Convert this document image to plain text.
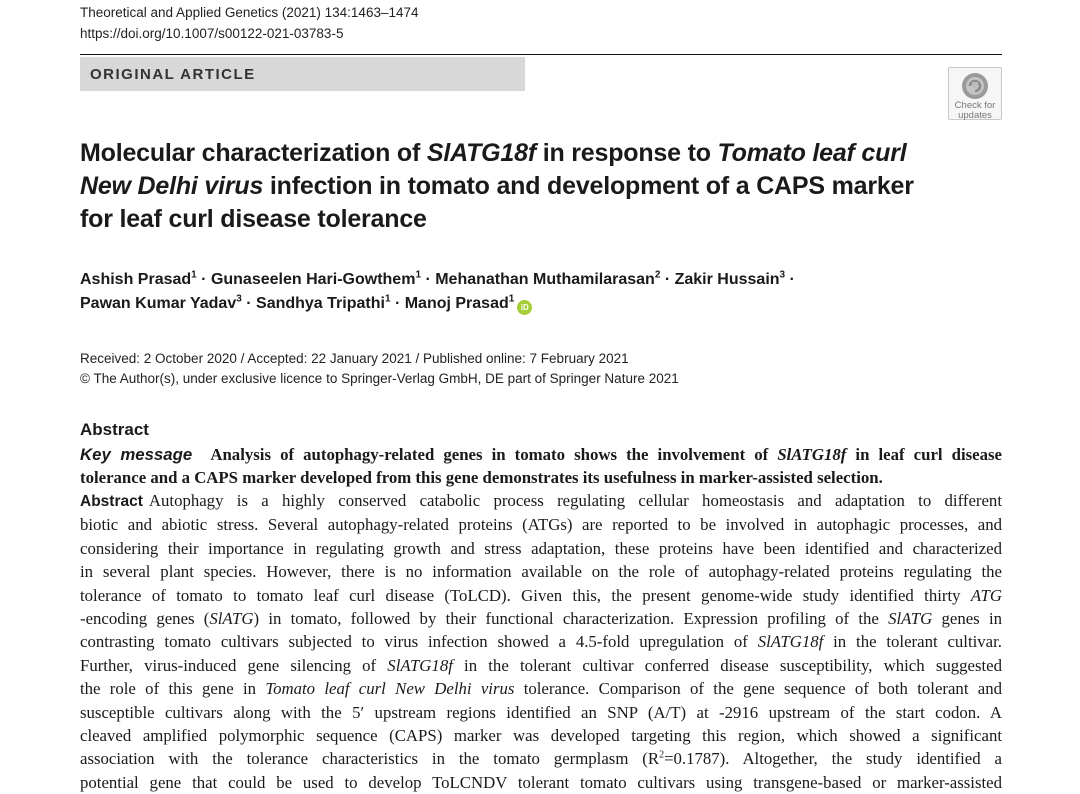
Theoretical and Applied Genetics (2021) 134:1463–1474
https://doi.org/10.1007/s00122-021-03783-5
ORIGINAL ARTICLE
Check for
updates
Molecular characterization of SlATG18f in response to Tomato leaf curl
New Delhi virus infection in tomato and development of a CAPS marker
for leaf curl disease tolerance
Ashish Prasad$^1$ · Gunaseelen Hari-Gowthem$^1$ · Mehanathan Muthamilarasan$^2$ · Zakir Hussain$^3$ ·
Pawan Kumar Yadav$^3$ · Sandhya Tripathi$^1$ · Manoj Prasad$^1$iD
Received: 2 October 2020 / Accepted: 22 January 2021 / Published online: 7 February 2021
© The Author(s), under exclusive licence to Springer-Verlag GmbH, DE part of Springer Nature 2021
Abstract
Key message Analysis of autophagy-related genes in tomato shows the involvement of SlATG18f in leaf curl disease
tolerance and a CAPS marker developed from this gene demonstrates its usefulness in marker-assisted selection.
Abstract Autophagy is a highly conserved catabolic process regulating cellular homeostasis and adaptation to different
biotic and abiotic stress. Several autophagy-related proteins (ATGs) are reported to be involved in autophagic processes, and
considering their importance in regulating growth and stress adaptation, these proteins have been identified and characterized
in several plant species. However, there is no information available on the role of autophagy-related proteins regulating the
tolerance of tomato to tomato leaf curl disease (ToLCD). Given this, the present genome-wide study identified thirty ATG
-encoding genes (SlATG) in tomato, followed by their functional characterization. Expression profiling of the SlATG genes in
contrasting tomato cultivars subjected to virus infection showed a 4.5-fold upregulation of SlATG18f in the tolerant cultivar.
Further, virus-induced gene silencing of SlATG18f in the tolerant cultivar conferred disease susceptibility, which suggested
the role of this gene in Tomato leaf curl New Delhi virus tolerance. Comparison of the gene sequence of both tolerant and
susceptible cultivars along with the 5′ upstream regions identified an SNP (A/T) at -2916 upstream of the start codon. A
cleaved amplified polymorphic sequence (CAPS) marker was developed targeting this region, which showed a significant
association with the tolerance characteristics in the tomato germplasm $(R^2=0.1787)$. Altogether, the study identified a
potential gene that could be used to develop ToLCNDV tolerant tomato cultivars using transgene-based or marker-assisted
